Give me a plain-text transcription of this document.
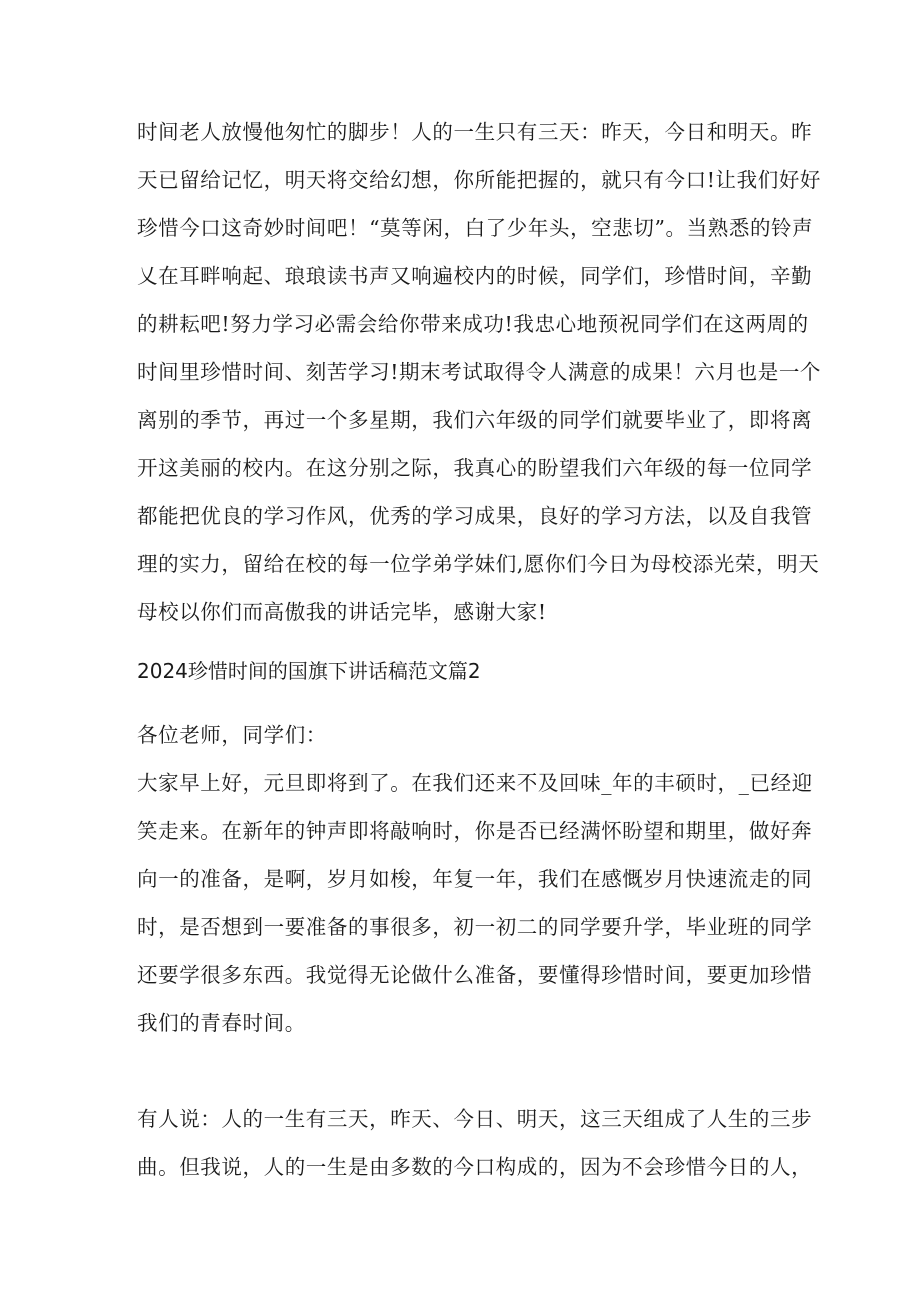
时间老人放慢他匆忙的脚步！人的一生只有三天：昨天，今日和明天。昨
天已留给记忆，明天将交给幻想，你所能把握的，就只有今口!让我们好好
珍惜今口这奇妙时间吧！“莫等闲，白了少年头，空悲切”。当熟悉的铃声
乂在耳畔响起、琅琅读书声又响遍校内的时候，同学们，珍惜时间，辛勤
的耕耘吧!努力学习必需会给你带来成功!我忠心地预祝同学们在这两周的
时间里珍惜时间、刻苦学习!期末考试取得令人满意的成果！六月也是一个
离别的季节，再过一个多星期，我们六年级的同学们就要毕业了，即将离
开这美丽的校内。在这分别之际，我真心的盼望我们六年级的每一位同学
都能把优良的学习作风，优秀的学习成果，良好的学习方法，以及自我管
理的实力，留给在校的每一位学弟学妹们,愿你们今日为母校添光荣，明天
母校以你们而高傲我的讲话完毕，感谢大家!
2024珍惜时间的国旗下讲话稿范文篇2
各位老师，同学们：
大家早上好，元旦即将到了。在我们还来不及回味_年的丰硕时，_已经迎
笑走来。在新年的钟声即将敲响时，你是否已经满怀盼望和期里，做好奔
向一的准备，是啊，岁月如梭，年复一年，我们在感慨岁月快速流走的同
时，是否想到一要准备的事很多，初一初二的同学要升学，毕业班的同学
还要学很多东西。我觉得无论做什么准备，要懂得珍惜时间，要更加珍惜
我们的青春时间。
有人说：人的一生有三天，昨天、今日、明天，这三天组成了人生的三步
曲。但我说，人的一生是由多数的今口构成的，因为不会珍惜今日的人，
